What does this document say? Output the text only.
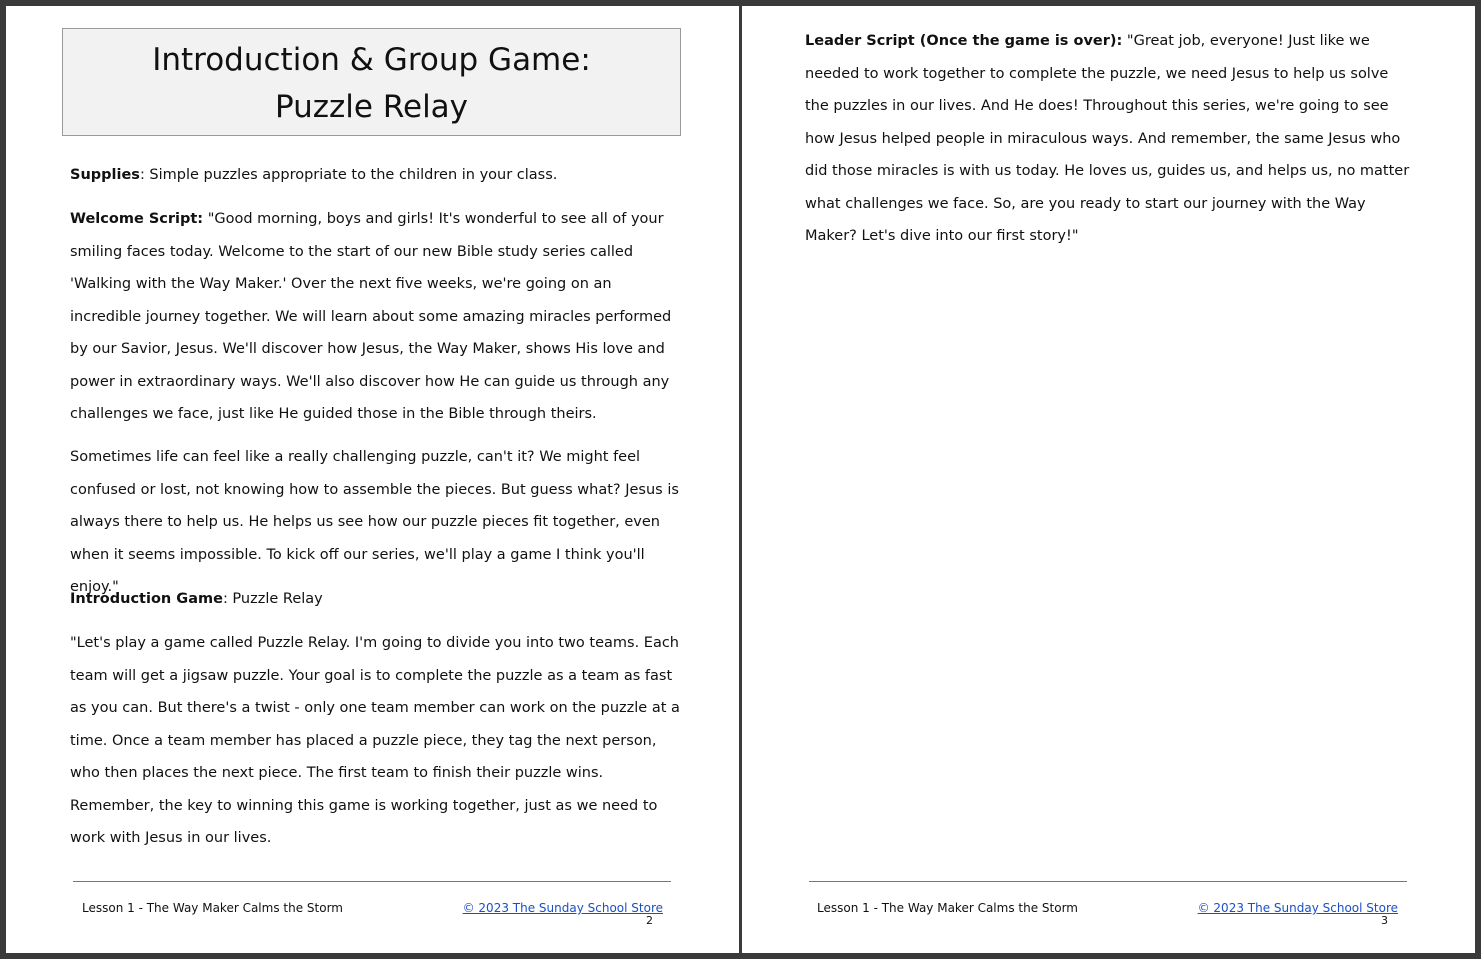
Introduction & Group Game:
Puzzle Relay

Supplies: Simple puzzles appropriate to the children in your class.

Welcome Script: "Good morning, boys and girls! It's wonderful to see all of your smiling faces today. Welcome to the start of our new Bible study series called 'Walking with the Way Maker.' Over the next five weeks, we're going on an incredible journey together. We will learn about some amazing miracles performed by our Savior, Jesus. We'll discover how Jesus, the Way Maker, shows His love and power in extraordinary ways. We'll also discover how He can guide us through any challenges we face, just like He guided those in the Bible through theirs.

Sometimes life can feel like a really challenging puzzle, can't it? We might feel confused or lost, not knowing how to assemble the pieces. But guess what? Jesus is always there to help us. He helps us see how our puzzle pieces fit together, even when it seems impossible. To kick off our series, we'll play a game I think you'll enjoy."

Introduction Game: Puzzle Relay

"Let's play a game called Puzzle Relay. I'm going to divide you into two teams. Each team will get a jigsaw puzzle. Your goal is to complete the puzzle as a team as fast as you can. But there's a twist - only one team member can work on the puzzle at a time. Once a team member has placed a puzzle piece, they tag the next person, who then places the next piece. The first team to finish their puzzle wins. Remember, the key to winning this game is working together, just as we need to work with Jesus in our lives.

Lesson 1 - The Way Maker Calms the Storm	© 2023 The Sunday School Store
2

Leader Script (Once the game is over): "Great job, everyone! Just like we needed to work together to complete the puzzle, we need Jesus to help us solve the puzzles in our lives. And He does! Throughout this series, we're going to see how Jesus helped people in miraculous ways. And remember, the same Jesus who did those miracles is with us today. He loves us, guides us, and helps us, no matter what challenges we face. So, are you ready to start our journey with the Way Maker? Let's dive into our first story!"

Lesson 1 - The Way Maker Calms the Storm	© 2023 The Sunday School Store
3
